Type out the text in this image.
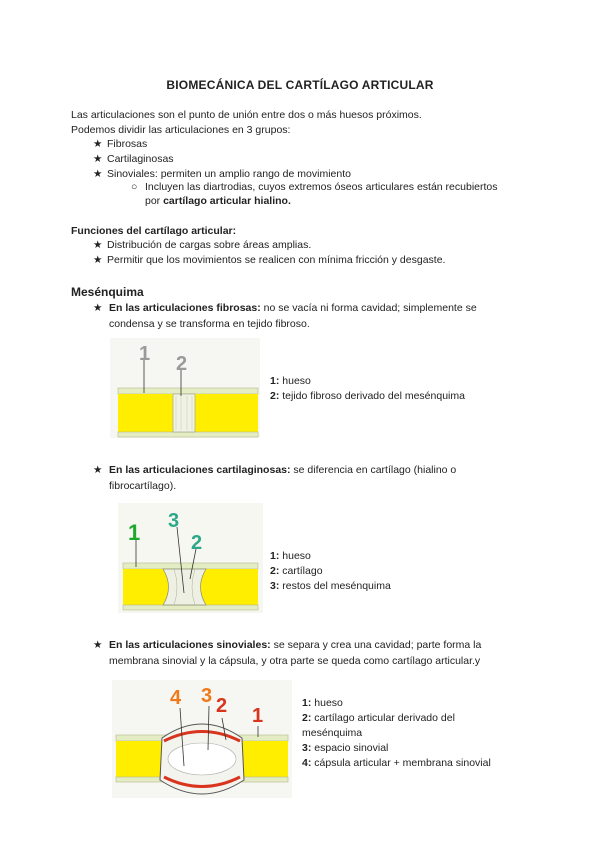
BIOMECÁNICA DEL CARTÍLAGO ARTICULAR
Las articulaciones son el punto de unión entre dos o más huesos próximos.
Podemos dividir las articulaciones en 3 grupos:
★ Fibrosas
★ Cartilaginosas
★ Sinoviales: permiten un amplio rango de movimiento
○ Incluyen las diartrodias, cuyos extremos óseos articulares están recubiertos
por cartílago articular hialino.
Funciones del cartílago articular:
★ Distribución de cargas sobre áreas amplias.
★ Permitir que los movimientos se realicen con mínima fricción y desgaste.
Mesénquima
★ En las articulaciones fibrosas: no se vacía ni forma cavidad; simplemente se
condensa y se transforma en tejido fibroso.
1 2
1: hueso
2: tejido fibroso derivado del mesénquima
★ En las articulaciones cartilaginosas: se diferencia en cartílago (hialino o
fibrocartílago).
1 3
2
1: hueso
2: cartílago
3: restos del mesénquima
★ En las articulaciones sinoviales: se separa y crea una cavidad; parte forma la
membrana sinovial y la cápsula, y otra parte se queda como cartílago articular.y
4 3 2 1
1: hueso
2: cartílago articular derivado del
mesénquima
3: espacio sinovial
4: cápsula articular + membrana sinovial
